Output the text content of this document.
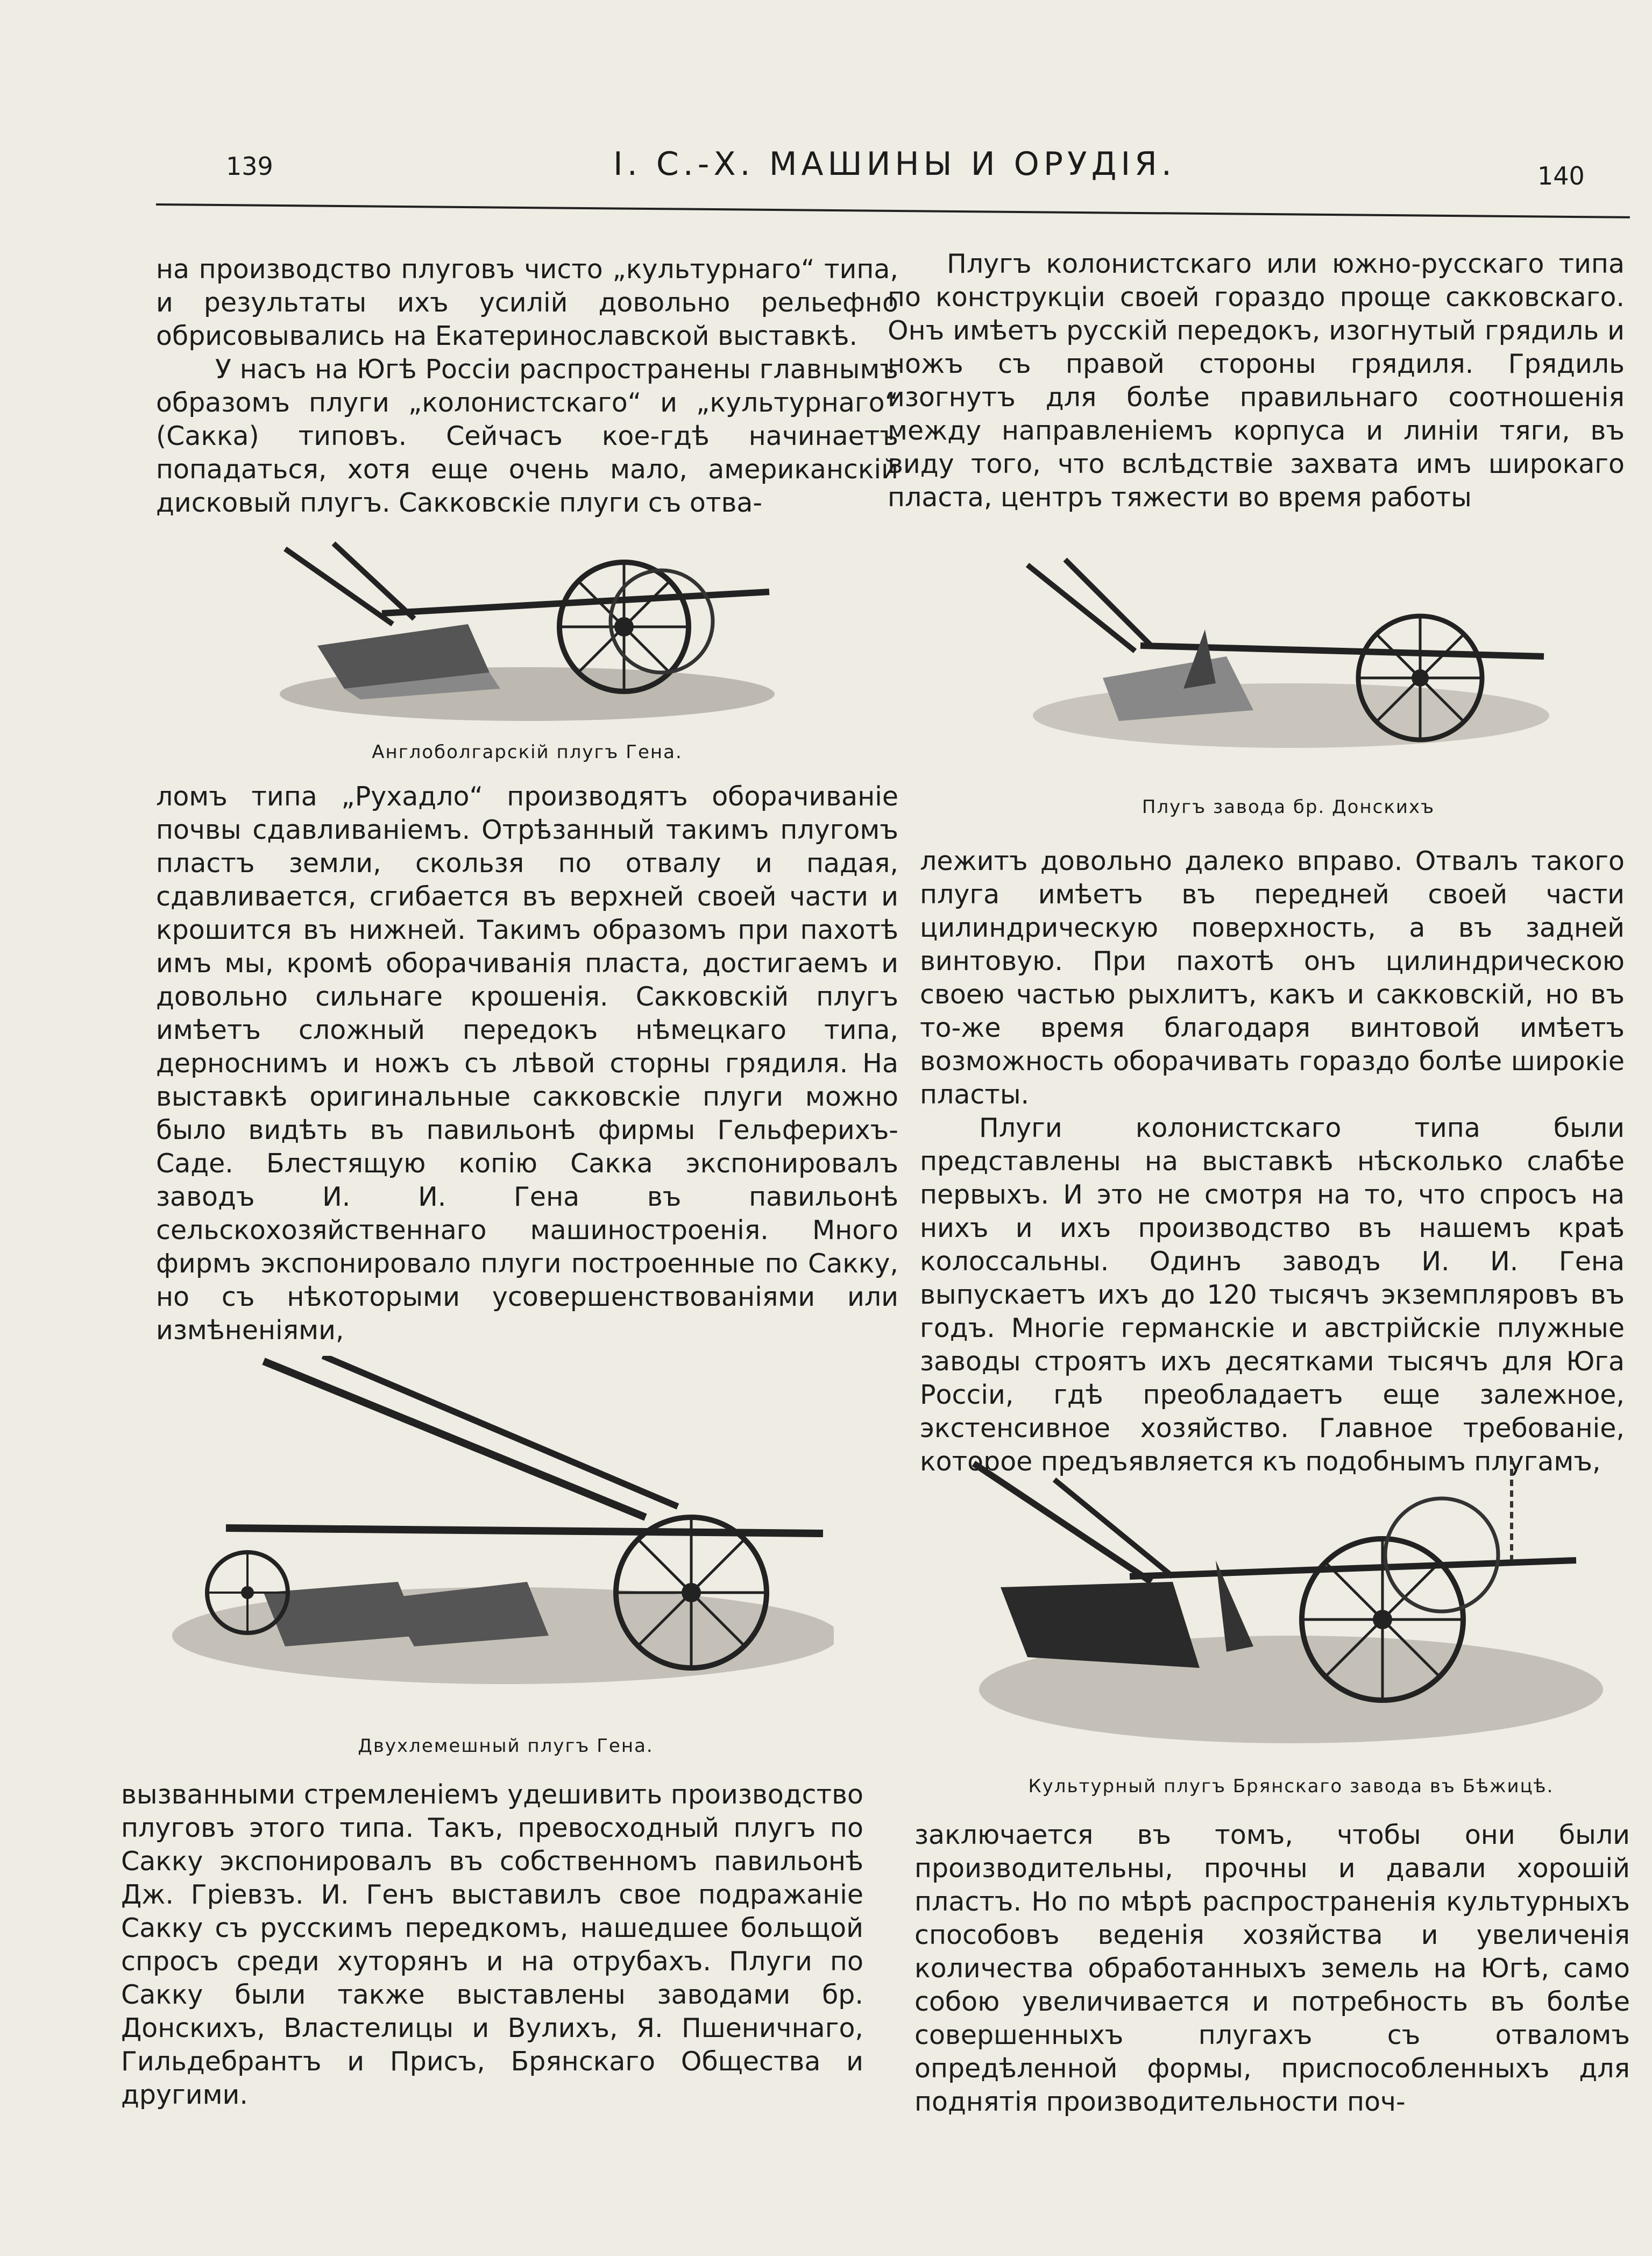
139	I. С.-Х. МАШИНЫ И ОРУДІЯ.	140

на производство плуговъ чисто „культурнаго“ типа, и результаты ихъ усилій довольно рельефно обрисовывались на Екатеринославской выставкѣ.

У насъ на Югѣ Россіи распространены главнымъ образомъ плуги „колонистскаго“ и „культурнаго“ (Сакка) типовъ. Сейчасъ кое-гдѣ начинаетъ попадаться, хотя еще очень мало, американскій дисковый плугъ. Сакковскіе плуги съ отва-

Англоболгарскій плугъ Гена.

ломъ типа „Рухадло“ производятъ оборачиваніе почвы сдавливаніемъ. Отрѣзанный такимъ плугомъ пластъ земли, скользя по отвалу и падая, сдавливается, сгибается въ верхней своей части и крошится въ нижней. Такимъ образомъ при пахотѣ имъ мы, кромѣ оборачиванія пласта, достигаемъ и довольно сильнаге крошенія. Сакковскій плугъ имѣетъ сложный передокъ нѣмецкаго типа, дерноснимъ и ножъ съ лѣвой сторны грядиля. На выставкѣ оригинальные сакковскіе плуги можно было видѣть въ павильонѣ фирмы Гельферихъ-Саде. Блестящую копію Сакка экспонировалъ заводъ И. И. Гена въ павильонѣ сельскохозяйственнаго машиностроенія. Много фирмъ экспонировало плуги построенные по Сакку, но съ нѣкоторыми усовершенствованіями или измѣненіями,

Двухлемешный плугъ Гена.

вызванными стремленіемъ удешивить производство плуговъ этого типа. Такъ, превосходный плугъ по Сакку экспонировалъ въ собственномъ павильонѣ Дж. Гріевзъ. И. Генъ выставилъ свое подражаніе Сакку съ русскимъ передкомъ, нашедшее больщой спросъ среди хуторянъ и на отрубахъ. Плуги по Сакку были также выставлены заводами бр. Донскихъ, Властелицы и Вулихъ, Я. Пшеничнаго, Гильдебрантъ и Присъ, Брянскаго Общества и другими.

Плугъ колонистскаго или южно-русскаго типа по конструкціи своей гораздо проще сакковскаго. Онъ имѣетъ русскій передокъ, изогнутый грядиль и ножъ съ правой стороны грядиля. Грядиль изогнутъ для болѣе правильнаго соотношенія между направленіемъ корпуса и линіи тяги, въ виду того, что вслѣдствіе захвата имъ широкаго пласта, центръ тяжести во время работы

Плугъ завода бр. Донскихъ

лежитъ довольно далеко вправо. Отвалъ такого плуга имѣетъ въ передней своей части цилиндрическую поверхность, а въ задней винтовую. При пахотѣ онъ цилиндрическою своею частью рыхлитъ, какъ и сакковскій, но въ то-же время благодаря винтовой имѣетъ возможность оборачивать гораздо болѣе широкіе пласты.

Плуги колонистскаго типа были представлены на выставкѣ нѣсколько слабѣе первыхъ. И это не смотря на то, что спросъ на нихъ и ихъ производство въ нашемъ краѣ колоссальны. Одинъ заводъ И. И. Гена выпускаетъ ихъ до 120 тысячъ экземпляровъ въ годъ. Многіе германскіе и австрійскіе плужные заводы строятъ ихъ десятками тысячъ для Юга Россіи, гдѣ преобладаетъ еще залежное, экстенсивное хозяйство. Главное требованіе, которое предъявляется къ подобнымъ плугамъ,

Культурный плугъ Брянскаго завода въ Бѣжицѣ.

заключается въ томъ, чтобы они были производительны, прочны и давали хорошій пластъ. Но по мѣрѣ распространенія культурныхъ способовъ веденія хозяйства и увеличенія количества обработанныхъ земель на Югѣ, само собою увеличивается и потребность въ болѣе совершенныхъ плугахъ съ отваломъ опредѣленной формы, приспособленныхъ для поднятія производительности поч-
